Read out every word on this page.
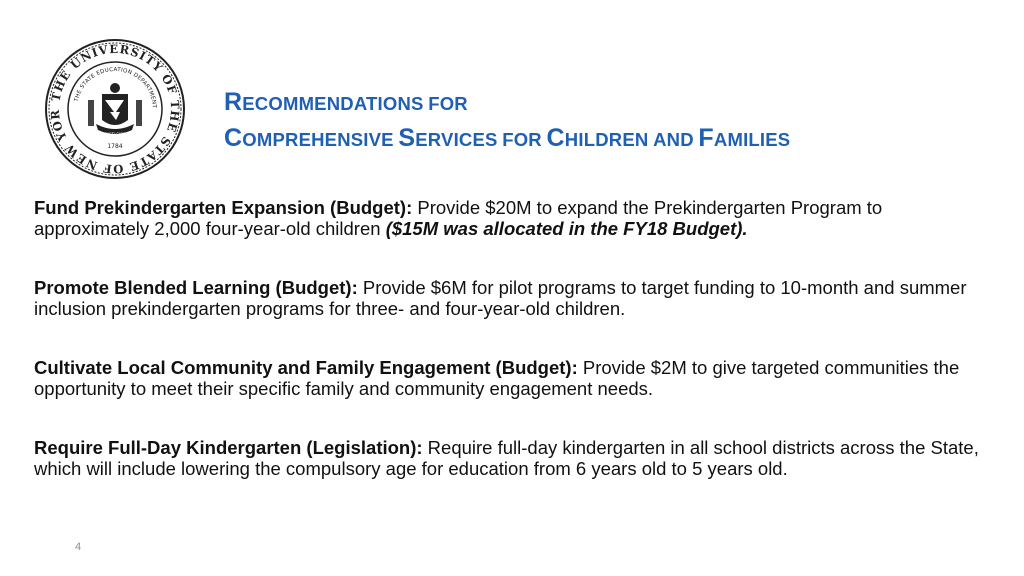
THE UNIVERSITY OF THE STATE OF NEW YOR
THE STATE EDUCATION DEPARTMENT
1784
EXCELSIOR
RECOMMENDATIONS FOR
COMPREHENSIVE SERVICES FOR CHILDREN AND FAMILIES

Fund Prekindergarten Expansion (Budget): Provide $20M to expand the Prekindergarten Program to approximately 2,000 four-year-old children ($15M was allocated in the FY18 Budget).

Promote Blended Learning (Budget): Provide $6M for pilot programs to target funding to 10-month and summer inclusion prekindergarten programs for three- and four-year-old children.

Cultivate Local Community and Family Engagement (Budget): Provide $2M to give targeted communities the opportunity to meet their specific family and community engagement needs.

Require Full-Day Kindergarten (Legislation): Require full-day kindergarten in all school districts across the State, which will include lowering the compulsory age for education from 6 years old to 5 years old.

4
